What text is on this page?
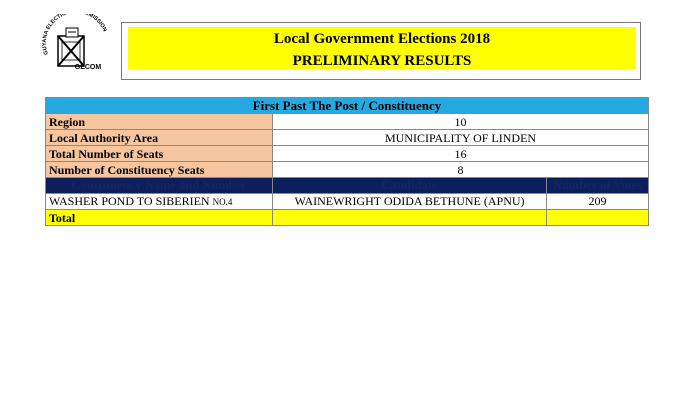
GUYANA ELECTIO MISSION
GECOM
Local Government Elections 2018
PRELIMINARY RESULTS
First Past The Post / Constituency		
Region	10	
Local Authority Area	MUNICIPALITY OF LINDEN	
Total Number of Seats	16	
Number of Constituency Seats	8	
Constituency Name and Number	Candidate	Number of Votes
WASHER POND TO SIBERIEN NO.4	WAINEWRIGHT ODIDA BETHUNE (APNU)	209
Total		
